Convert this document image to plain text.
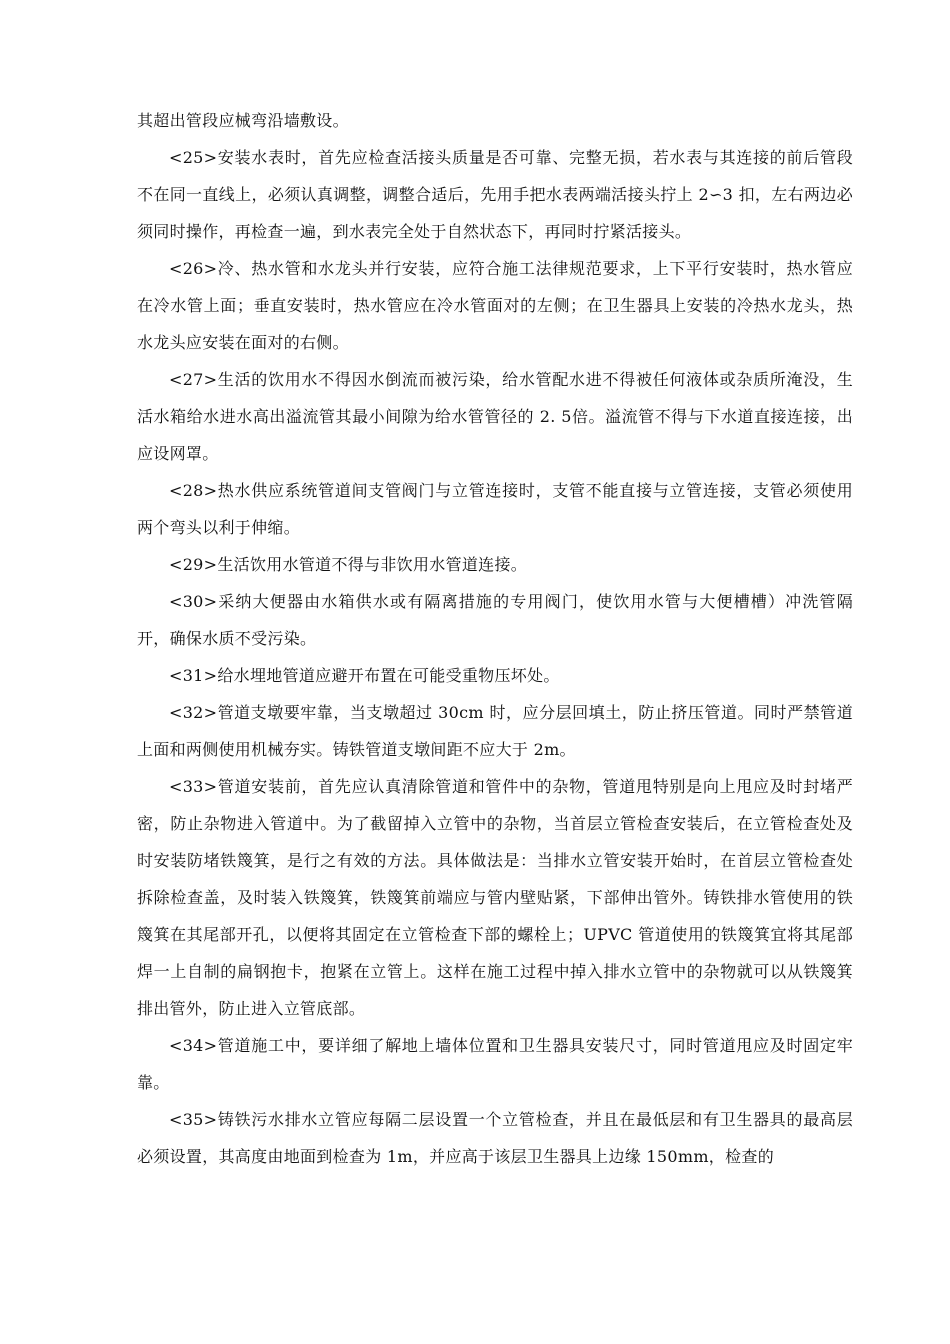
其超出管段应械弯沿墙敷设。

<25>安装水表时，首先应检查活接头质量是否可靠、完整无损，若水表与其连接的前后管段不在同一直线上，必须认真调整，调整合适后，先用手把水表两端活接头拧上 2∽3 扣，左右两边必须同时操作，再检查一遍，到水表完全处于自然状态下，再同时拧紧活接头。

<26>冷、热水管和水龙头并行安装，应符合施工法律规范要求，上下平行安装时，热水管应在冷水管上面；垂直安装时，热水管应在冷水管面对的左侧；在卫生器具上安装的冷热水龙头，热水龙头应安装在面对的右侧。

<27>生活的饮用水不得因水倒流而被污染，给水管配水进不得被任何液体或杂质所淹没，生活水箱给水进水高出溢流管其最小间隙为给水管管径的 2. 5倍。溢流管不得与下水道直接连接，出应设网罩。

<28>热水供应系统管道间支管阀门与立管连接时，支管不能直接与立管连接，支管必须使用两个弯头以利于伸缩。

<29>生活饮用水管道不得与非饮用水管道连接。

<30>采纳大便器由水箱供水或有隔离措施的专用阀门，使饮用水管与大便槽槽）冲洗管隔开，确保水质不受污染。

<31>给水埋地管道应避开布置在可能受重物压坏处。

<32>管道支墩要牢靠，当支墩超过 30cm 时，应分层回填土，防止挤压管道。同时严禁管道上面和两侧使用机械夯实。铸铁管道支墩间距不应大于 2m。

<33>管道安装前，首先应认真清除管道和管件中的杂物，管道甩特别是向上甩应及时封堵严密，防止杂物进入管道中。为了截留掉入立管中的杂物，当首层立管检查安装后，在立管检查处及时安装防堵铁篾箕，是行之有效的方法。具体做法是：当排水立管安装开始时，在首层立管检查处拆除检查盖，及时装入铁篾箕，铁篾箕前端应与管内壁贴紧，下部伸出管外。铸铁排水管使用的铁篾箕在其尾部开孔，以便将其固定在立管检查下部的螺栓上；UPVC 管道使用的铁篾箕宜将其尾部焊一上自制的扁钢抱卡，抱紧在立管上。这样在施工过程中掉入排水立管中的杂物就可以从铁篾箕排出管外，防止进入立管底部。

<34>管道施工中，要详细了解地上墙体位置和卫生器具安装尺寸，同时管道甩应及时固定牢靠。

<35>铸铁污水排水立管应每隔二层设置一个立管检查，并且在最低层和有卫生器具的最高层必须设置，其高度由地面到检查为 1m，并应高于该层卫生器具上边缘 150mm，检查的
